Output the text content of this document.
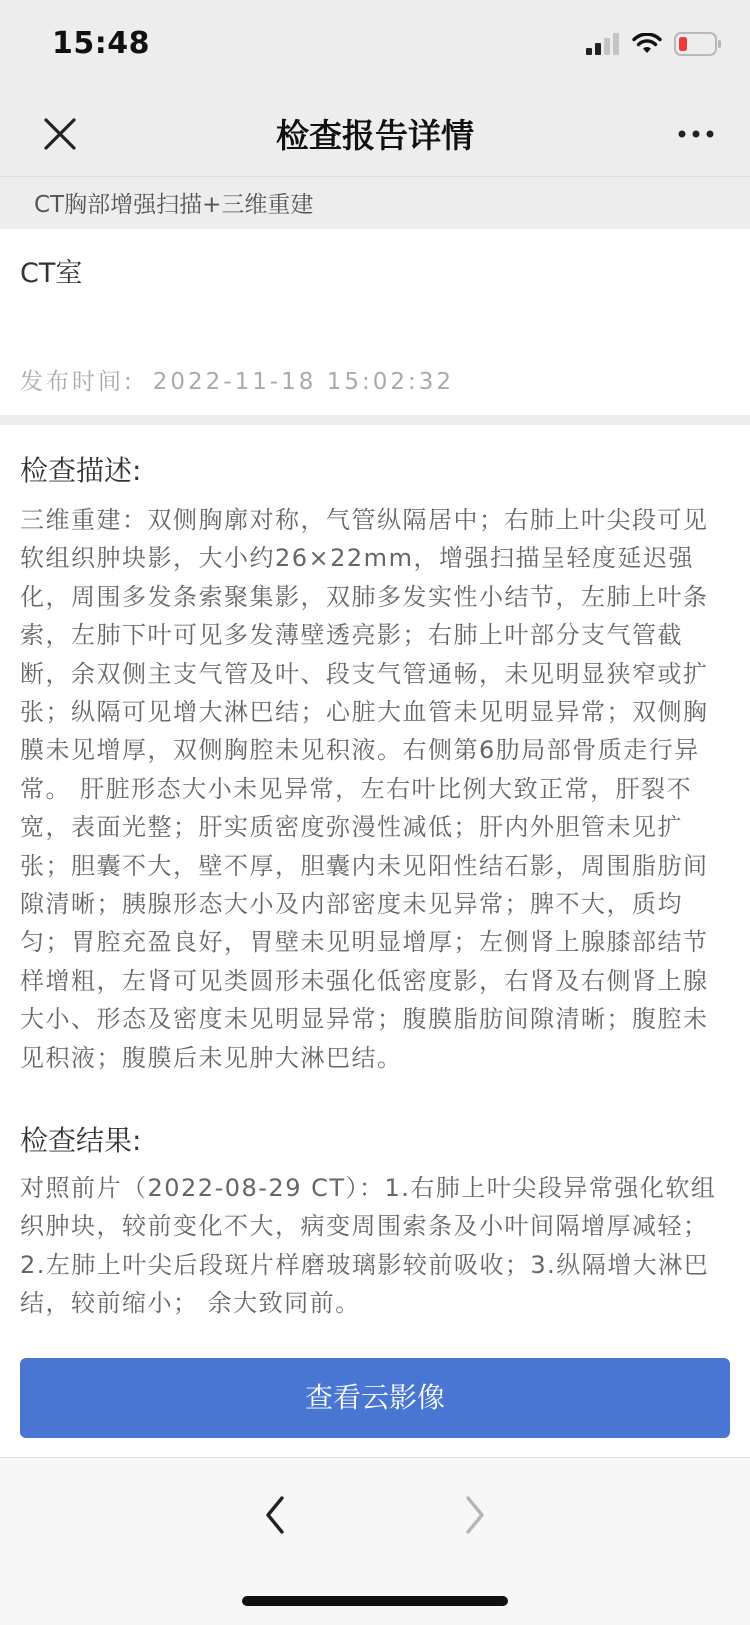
15:48
检查报告详情
CT胸部增强扫描+三维重建
CT室
发布时间: 2022-11-18 15:02:32
检查描述:

三维重建：双侧胸廓对称，气管纵隔居中；右肺上叶尖段可见软组织肿块影，大小约26×22mm，增强扫描呈轻度延迟强化，周围多发条索聚集影，双肺多发实性小结节，左肺上叶条索，左肺下叶可见多发薄壁透亮影；右肺上叶部分支气管截断，余双侧主支气管及叶、段支气管通畅，未见明显狭窄或扩张；纵隔可见增大淋巴结；心脏大血管未见明显异常；双侧胸膜未见增厚，双侧胸腔未见积液。右侧第6肋局部骨质走行异常。 肝脏形态大小未见异常，左右叶比例大致正常，肝裂不宽，表面光整；肝实质密度弥漫性减低；肝内外胆管未见扩张；胆囊不大，壁不厚，胆囊内未见阳性结石影，周围脂肪间隙清晰；胰腺形态大小及内部密度未见异常；脾不大，质均匀；胃腔充盈良好，胃壁未见明显增厚；左侧肾上腺膝部结节样增粗，左肾可见类圆形未强化低密度影，右肾及右侧肾上腺大小、形态及密度未见明显异常；腹膜脂肪间隙清晰；腹腔未见积液；腹膜后未见肿大淋巴结。

检查结果:

对照前片（2022-08-29 CT）：1.右肺上叶尖段异常强化软组织肿块，较前变化不大，病变周围索条及小叶间隔增厚减轻；2.左肺上叶尖后段斑片样磨玻璃影较前吸收；3.纵隔增大淋巴结，较前缩小； 余大致同前。

查看云影像
